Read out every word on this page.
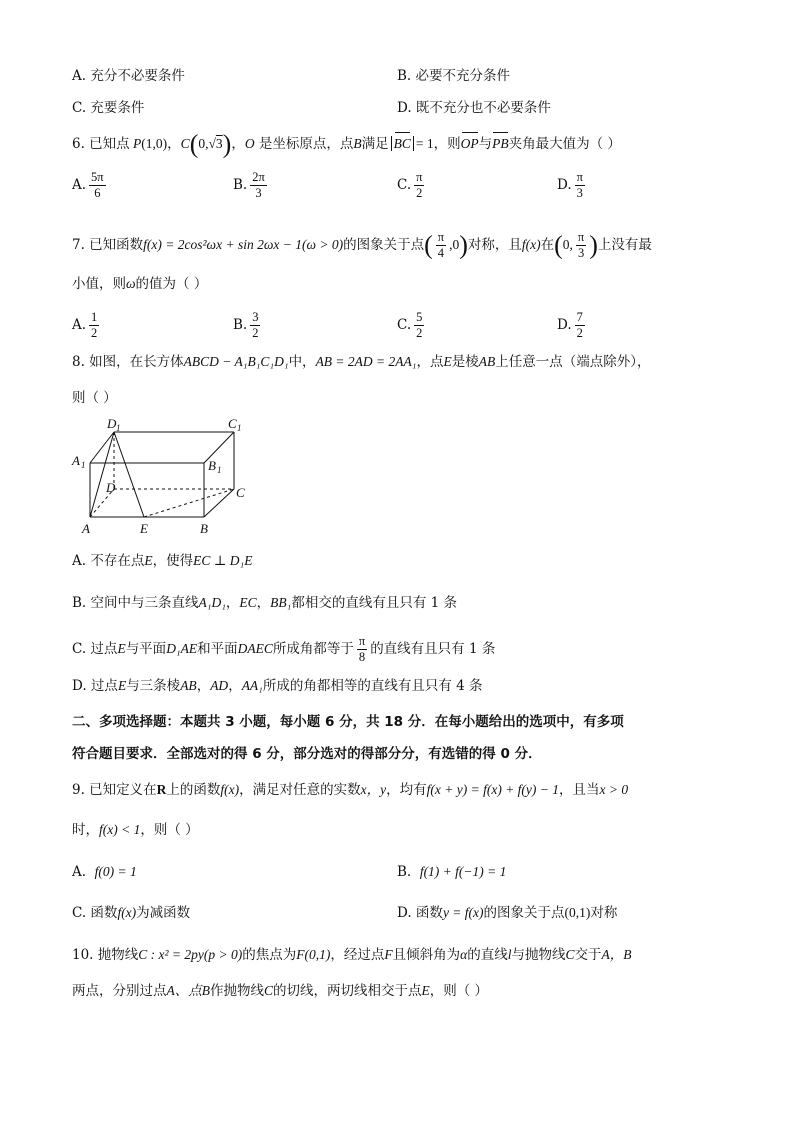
A. 充分不必要条件	B. 必要不充分条件
C. 充要条件	D. 既不充分也不必要条件
6. 已知点 P(1,0)，C(0,√3)，O 是坐标原点，点B满足 BC = 1，则OP与PB夹角最大值为（ ）
A. $\frac{5\pi}{6}$	B. $\frac{2\pi}{3}$	C. $\frac{\pi}{2}$	D. $\frac{\pi}{3}$
7. 已知函数f(x) = 2cos²ωx + sin 2ωx − 1(ω > 0)的图象关于点( $\frac{\pi}{4} ,0$)对称，且f(x)在(0, $\frac{\pi}{3}$ )上没有最
小值，则ω的值为（ ）
A. $\frac{1}{2}$	B. $\frac{3}{2}$	C. $\frac{5}{2}$	D. $\frac{7}{2}$
8. 如图，在长方体ABCD − A₁B₁C₁D₁中，AB = 2AD = 2AA₁，点E是棱AB上任意一点（端点除外），
则（ ）
D 1	C 1
A 1	B 1
D	C
A	E	B
A. 不存在点E，使得EC ⊥ D₁E
B. 空间中与三条直线A₁D₁，EC，BB₁都相交的直线有且只有 1 条
C. 过点E与平面D₁AE和平面DAEC所成角都等于 $\frac{\pi}{8}$ 的直线有且只有 1 条
D. 过点E与三条棱AB，AD，AA₁所成的角都相等的直线有且只有 4 条
二、多项选择题：本题共 3 小题，每小题 6 分，共 18 分．在每小题给出的选项中，有多项
符合题目要求．全部选对的得 6 分，部分选对的得部分分，有选错的得 0 分．
9. 已知定义在R上的函数f(x)，满足对任意的实数x，y，均有f(x + y) = f(x) + f(y) − 1，且当x > 0
时，f(x) < 1，则（ ）
A. f(0) = 1	B. f(1) + f(−1) = 1
C. 函数f(x)为减函数	D. 函数y = f(x)的图象关于点(0,1)对称
10. 抛物线C : x² = 2py(p > 0)的焦点为F(0,1)，经过点F且倾斜角为α的直线l与抛物线C交于A，B
两点，分别过点A、点B作抛物线C的切线，两切线相交于点E，则（ ）
